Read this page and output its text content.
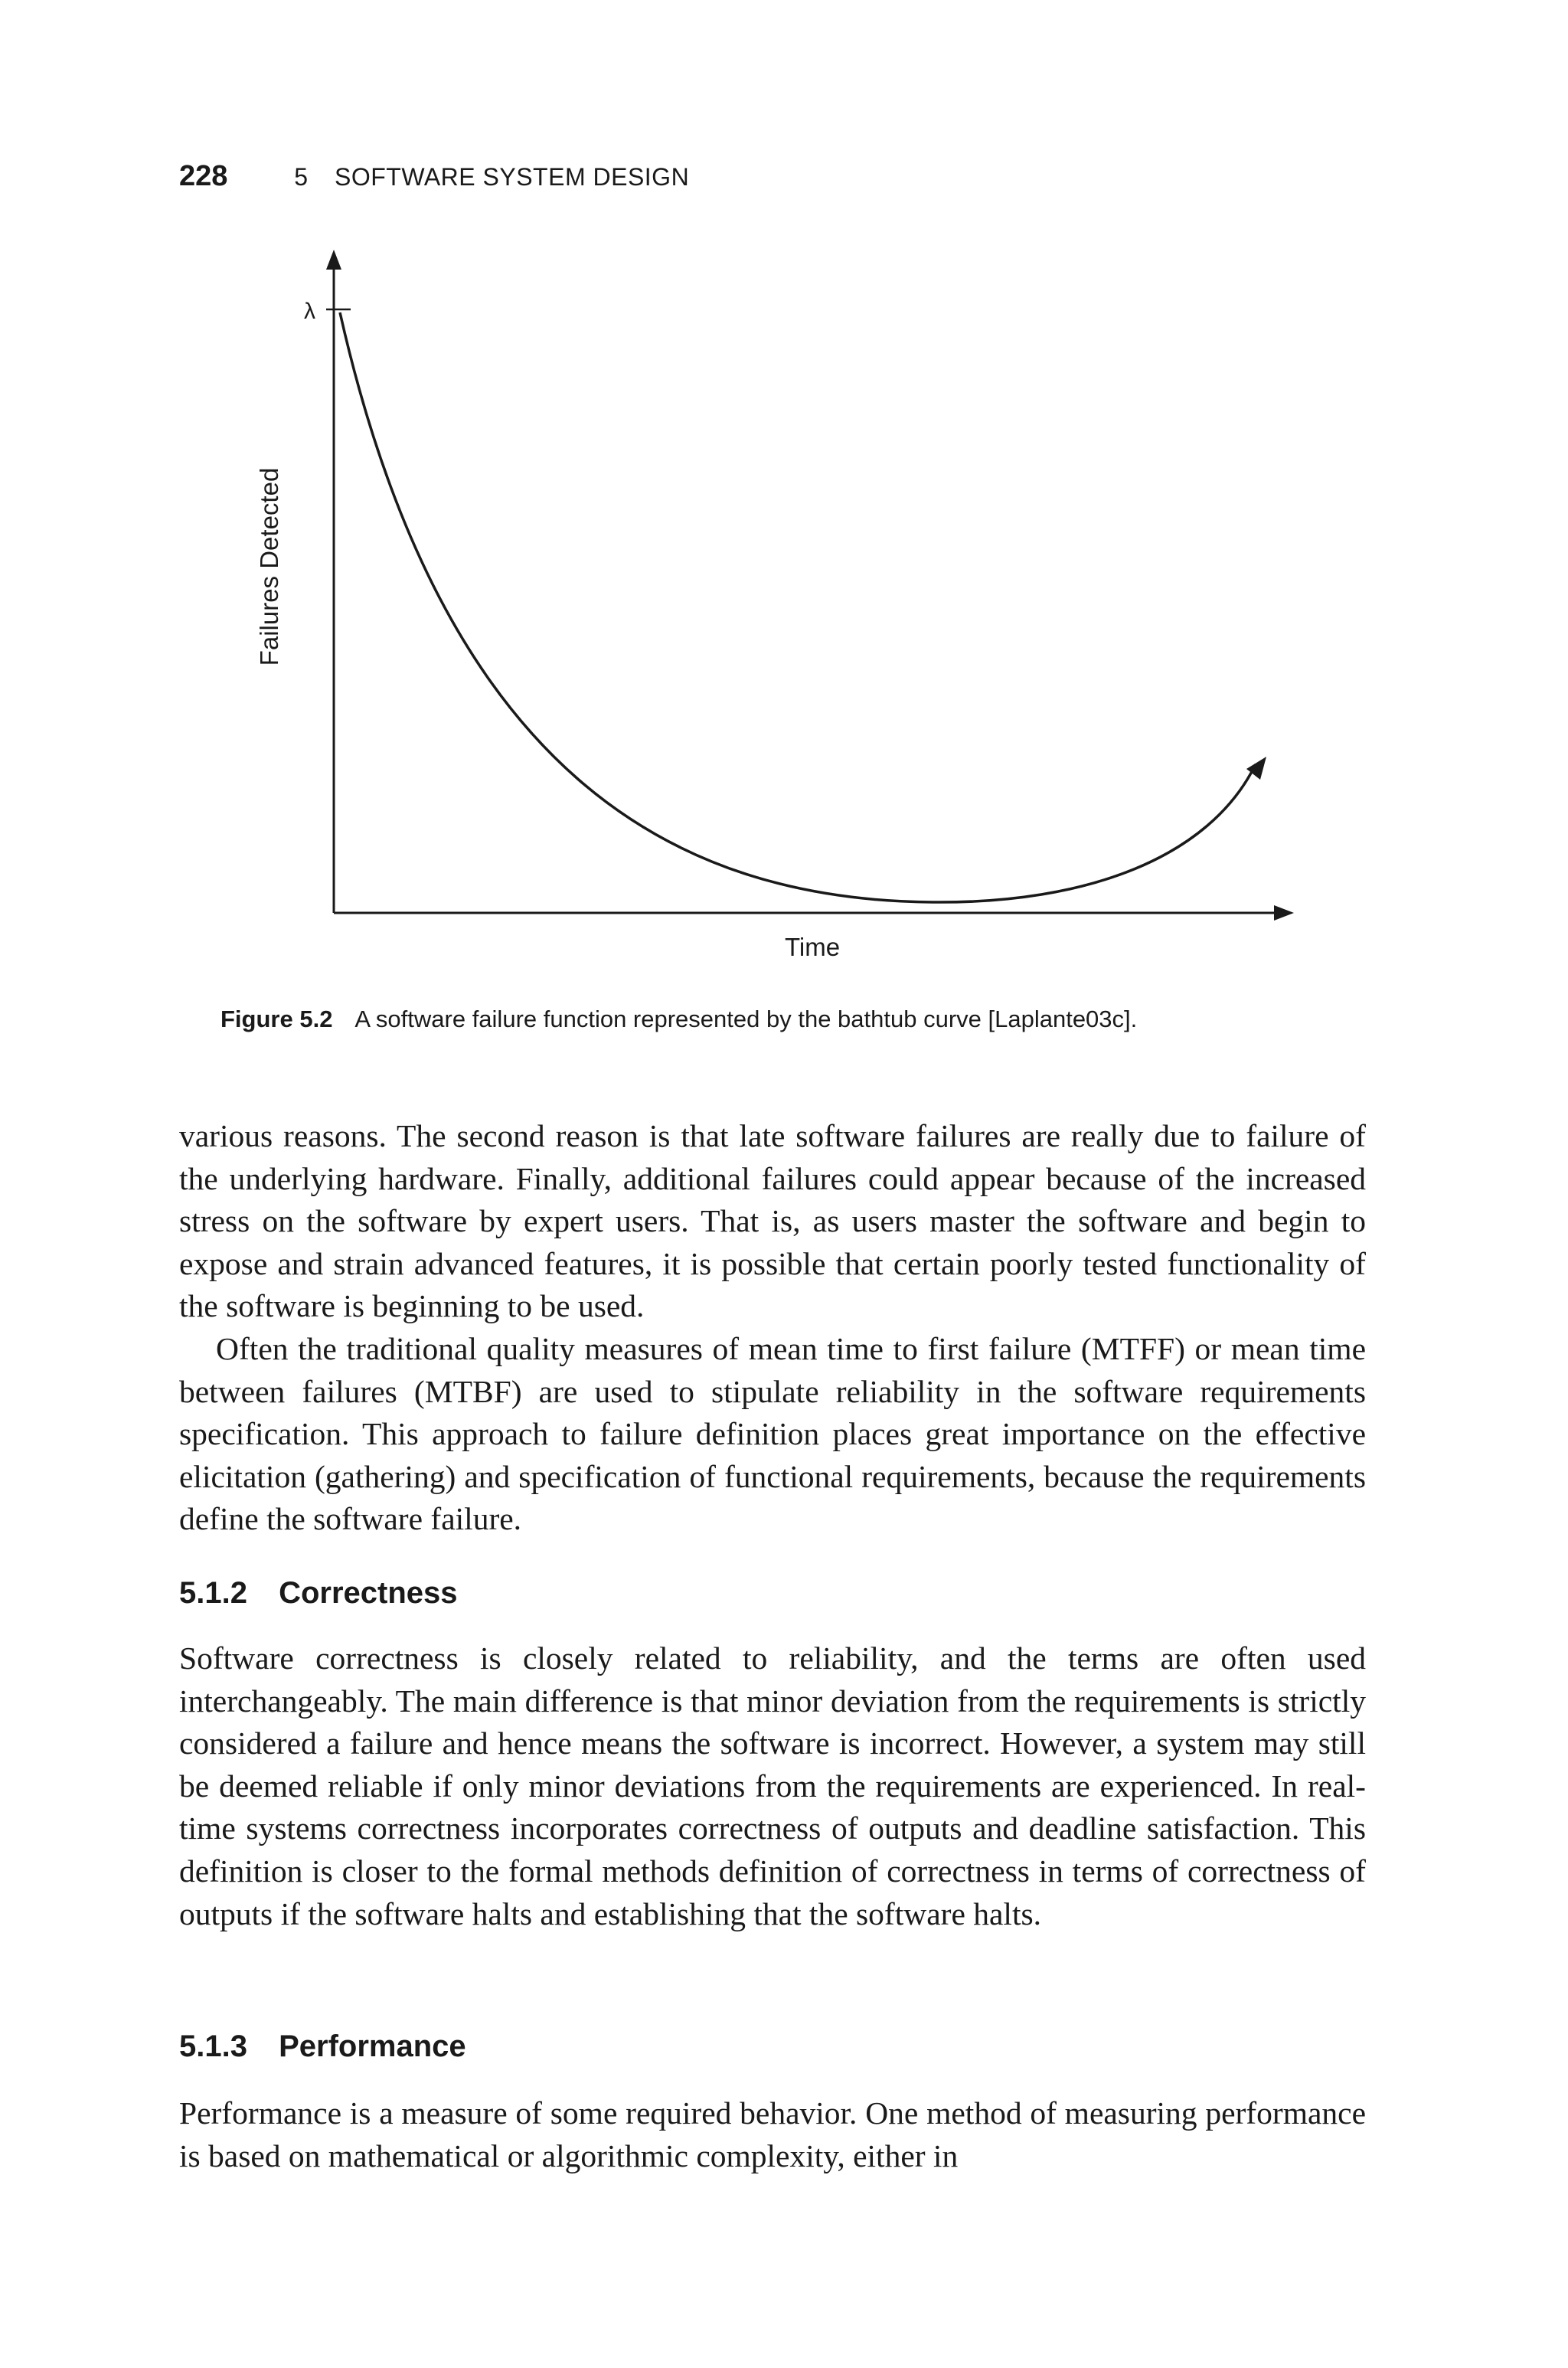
228	5 SOFTWARE SYSTEM DESIGN
λ
Failures Detected
Time
Figure 5.2 A software failure function represented by the bathtub curve [Laplante03c].

various reasons. The second reason is that late software failures are really due to failure of the underlying hardware. Finally, additional failures could appear because of the increased stress on the software by expert users. That is, as users master the software and begin to expose and strain advanced features, it is possible that certain poorly tested functionality of the software is beginning to be used.

Often the traditional quality measures of mean time to first failure (MTFF) or mean time between failures (MTBF) are used to stipulate reliability in the software requirements specification. This approach to failure definition places great importance on the effective elicitation (gathering) and specification of functional requirements, because the requirements define the software failure.

5.1.2 Correctness

Software correctness is closely related to reliability, and the terms are often used interchangeably. The main difference is that minor deviation from the requirements is strictly considered a failure and hence means the software is incorrect. However, a system may still be deemed reliable if only minor deviations from the requirements are experienced. In real-time systems correctness incorporates correctness of outputs and deadline satisfaction. This definition is closer to the formal methods definition of correctness in terms of correctness of outputs if the software halts and establishing that the software halts.

5.1.3 Performance

Performance is a measure of some required behavior. One method of measuring performance is based on mathematical or algorithmic complexity, either in
